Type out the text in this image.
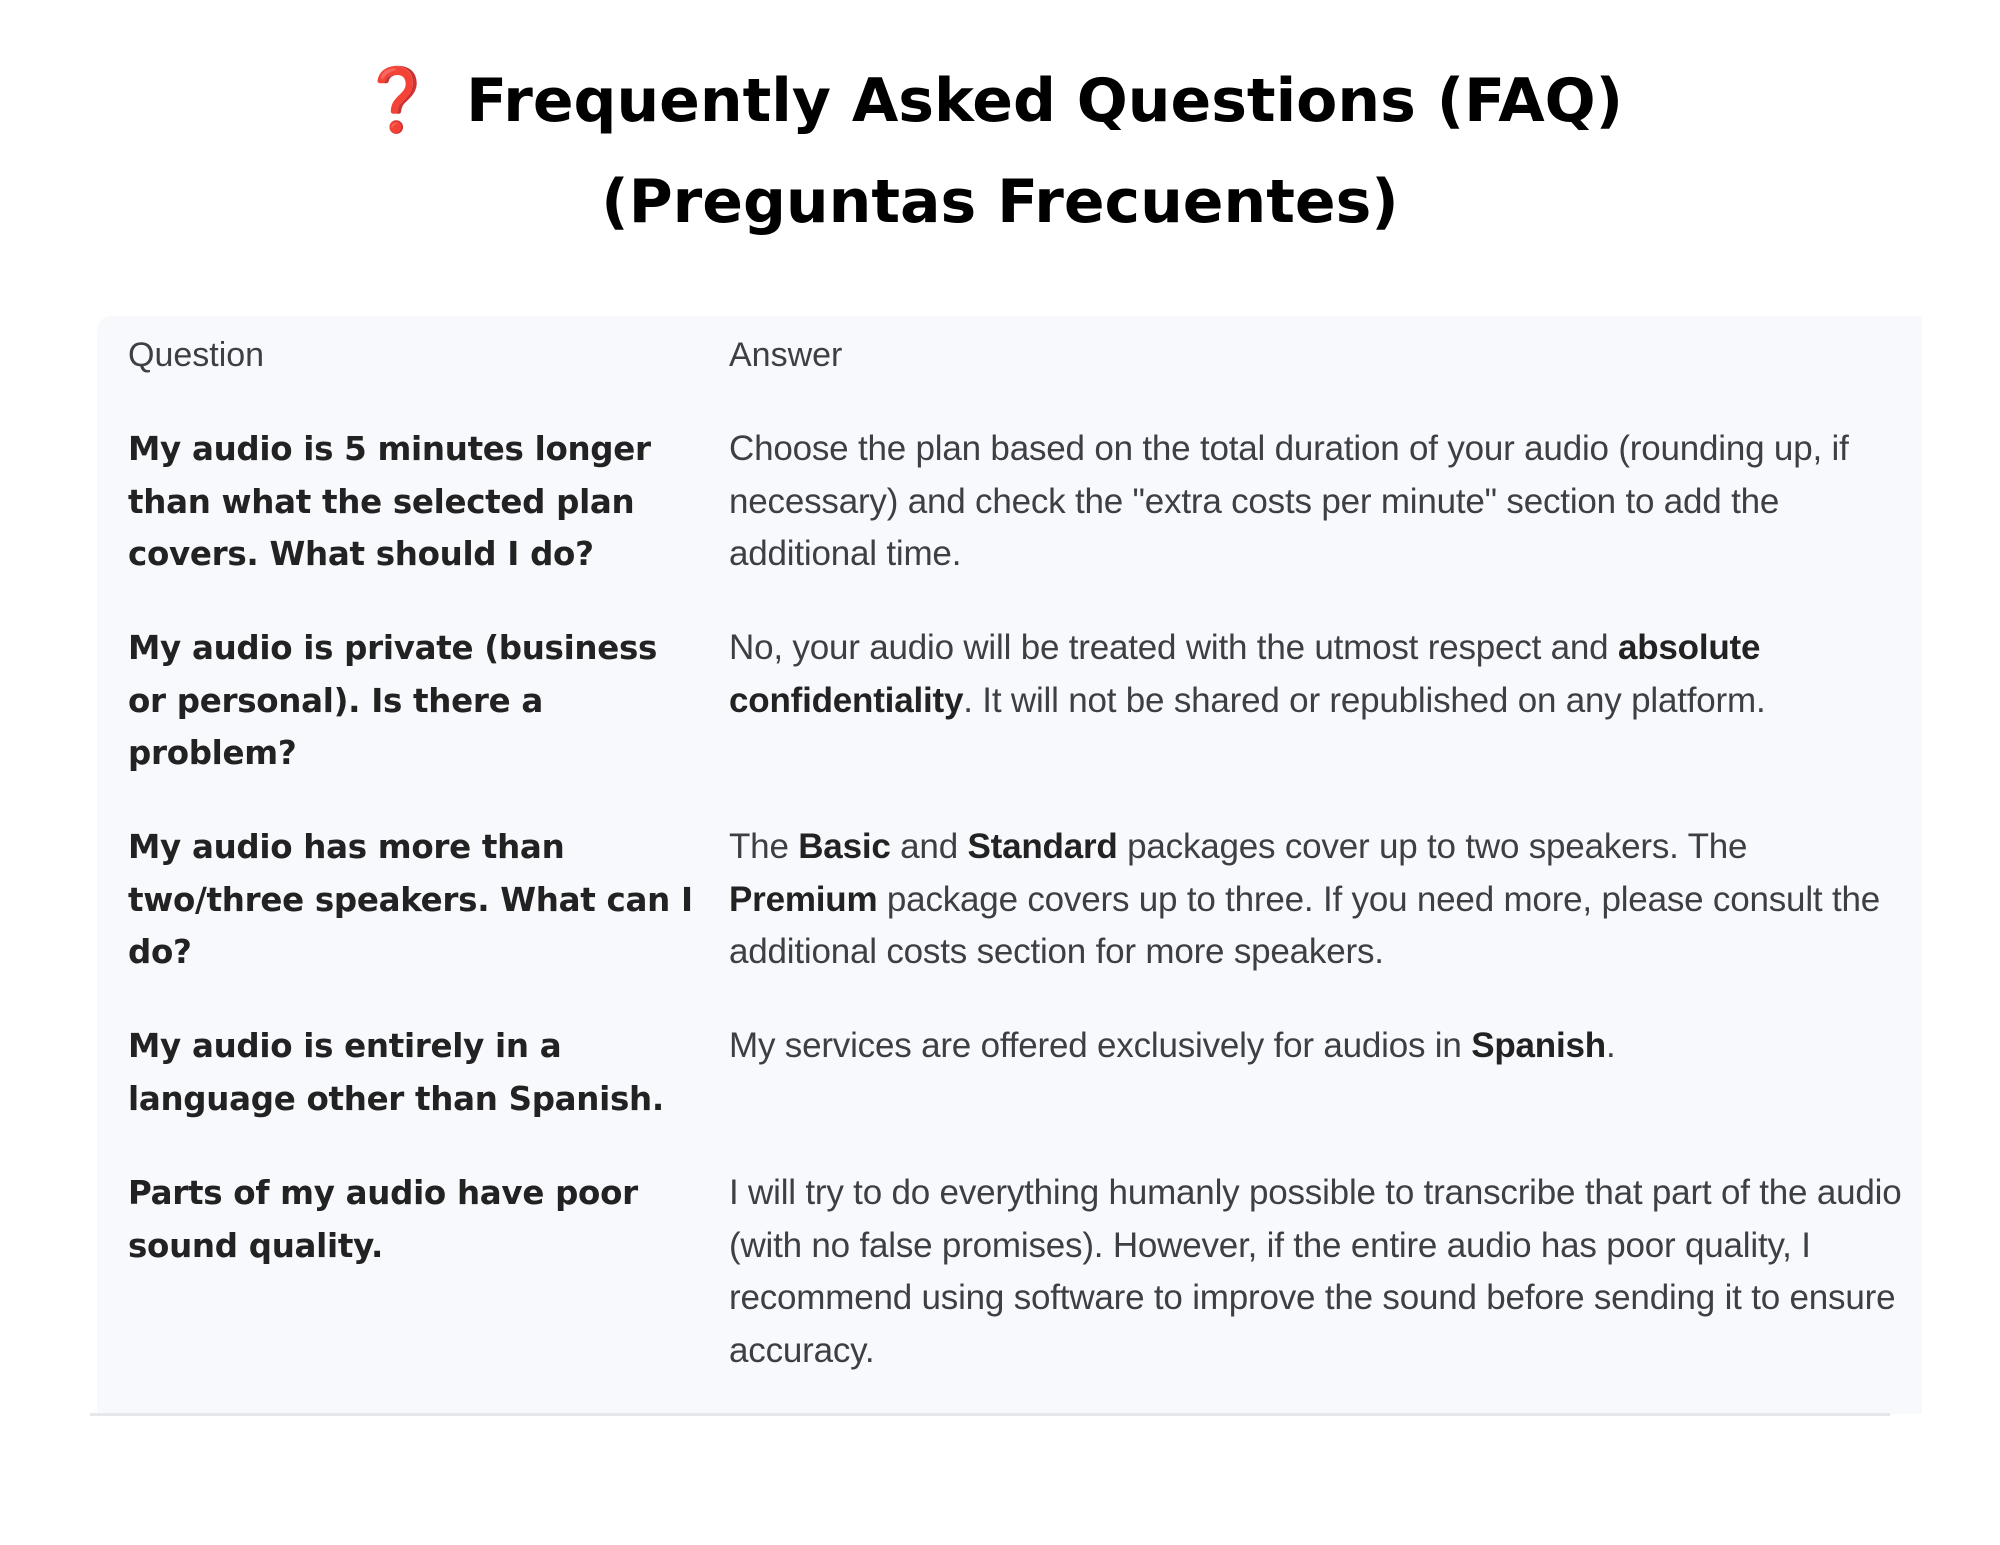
❓ Frequently Asked Questions (FAQ)
(Preguntas Frecuentes)
Question	Answer
My audio is 5 minutes longer than what the selected plan covers. What should I do?
Choose the plan based on the total duration of your audio (rounding up, if necessary) and check the "extra costs per minute" section to add the additional time.
My audio is private (business or personal). Is there a problem?
No, your audio will be treated with the utmost respect and absolute confidentiality. It will not be shared or republished on any platform.
My audio has more than two/three speakers. What can I do?
The Basic and Standard packages cover up to two speakers. The Premium package covers up to three. If you need more, please consult the additional costs section for more speakers.
My audio is entirely in a language other than Spanish.
My services are offered exclusively for audios in Spanish.
Parts of my audio have poor sound quality.
I will try to do everything humanly possible to transcribe that part of the audio (with no false promises). However, if the entire audio has poor quality, I recommend using software to improve the sound before sending it to ensure accuracy.
